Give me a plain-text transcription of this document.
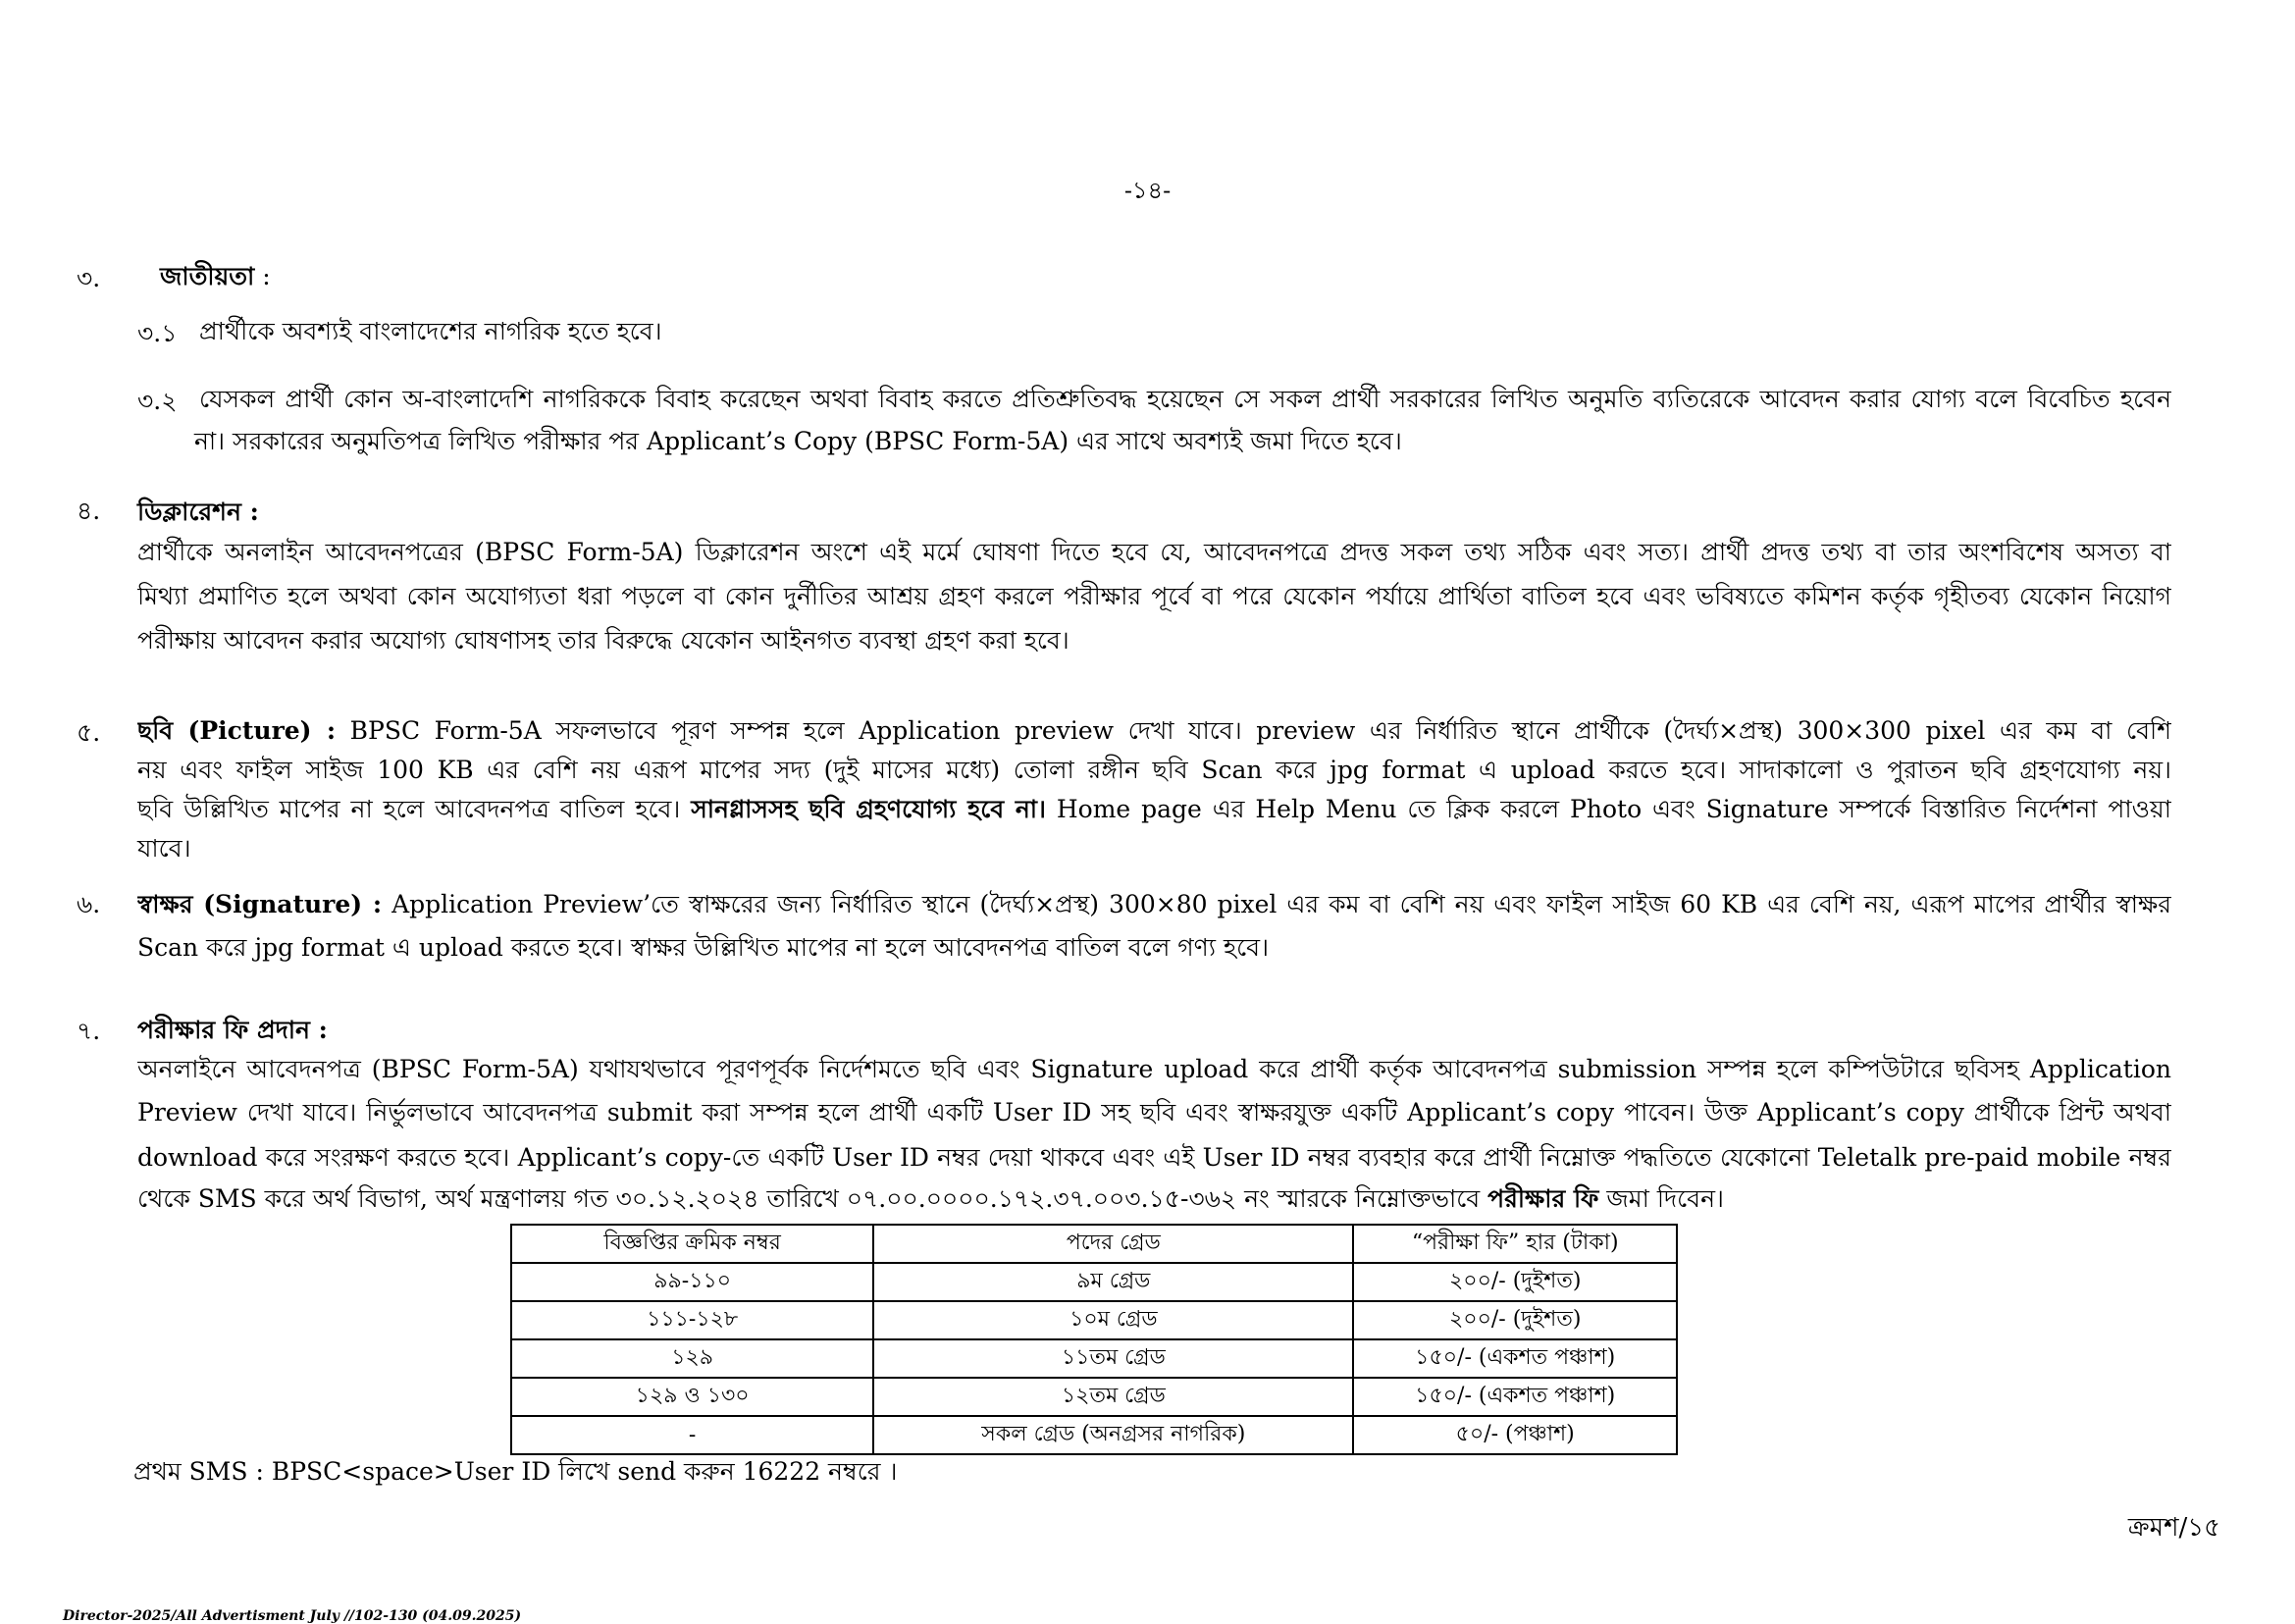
-১৪-
৩. জাতীয়তা :
৩.১ প্রার্থীকে অবশ্যই বাংলাদেশের নাগরিক হতে হবে।
৩.২ যেসকল প্রার্থী কোন অ-বাংলাদেশি নাগরিককে বিবাহ করেছেন অথবা বিবাহ করতে প্রতিশ্রুতিবদ্ধ হয়েছেন সে সকল প্রার্থী সরকারের লিখিত অনুমতি ব্যতিরেকে আবেদন করার যোগ্য বলে বিবেচিত হবেন
না। সরকারের অনুমতিপত্র লিখিত পরীক্ষার পর Applicant’s Copy (BPSC Form-5A) এর সাথে অবশ্যই জমা দিতে হবে।
৪. ডিক্লারেশন :
প্রার্থীকে অনলাইন আবেদনপত্রের (BPSC Form-5A) ডিক্লারেশন অংশে এই মর্মে ঘোষণা দিতে হবে যে, আবেদনপত্রে প্রদত্ত সকল তথ্য সঠিক এবং সত্য। প্রার্থী প্রদত্ত তথ্য বা তার অংশবিশেষ অসত্য বা
মিথ্যা প্রমাণিত হলে অথবা কোন অযোগ্যতা ধরা পড়লে বা কোন দুর্নীতির আশ্রয় গ্রহণ করলে পরীক্ষার পূর্বে বা পরে যেকোন পর্যায়ে প্রার্থিতা বাতিল হবে এবং ভবিষ্যতে কমিশন কর্তৃক গৃহীতব্য যেকোন নিয়োগ
পরীক্ষায় আবেদন করার অযোগ্য ঘোষণাসহ তার বিরুদ্ধে যেকোন আইনগত ব্যবস্থা গ্রহণ করা হবে।
৫. ছবি (Picture) : BPSC Form-5A সফলভাবে পূরণ সম্পন্ন হলে Application preview দেখা যাবে। preview এর নির্ধারিত স্থানে প্রার্থীকে (দৈর্ঘ্য×প্রস্থ) 300×300 pixel এর কম বা বেশি
নয় এবং ফাইল সাইজ 100 KB এর বেশি নয় এরূপ মাপের সদ্য (দুই মাসের মধ্যে) তোলা রঙ্গীন ছবি Scan করে jpg format এ upload করতে হবে। সাদাকালো ও পুরাতন ছবি গ্রহণযোগ্য নয়।
ছবি উল্লিখিত মাপের না হলে আবেদনপত্র বাতিল হবে। সানগ্লাসসহ ছবি গ্রহণযোগ্য হবে না। Home page এর Help Menu তে ক্লিক করলে Photo এবং Signature সম্পর্কে বিস্তারিত নির্দেশনা পাওয়া
যাবে।
৬. স্বাক্ষর (Signature) : Application Preview’তে স্বাক্ষরের জন্য নির্ধারিত স্থানে (দৈর্ঘ্য×প্রস্থ) 300×80 pixel এর কম বা বেশি নয় এবং ফাইল সাইজ 60 KB এর বেশি নয়, এরূপ মাপের প্রার্থীর স্বাক্ষর
Scan করে jpg format এ upload করতে হবে। স্বাক্ষর উল্লিখিত মাপের না হলে আবেদনপত্র বাতিল বলে গণ্য হবে।
৭. পরীক্ষার ফি প্রদান :
অনলাইনে আবেদনপত্র (BPSC Form-5A) যথাযথভাবে পূরণপূর্বক নির্দেশমতে ছবি এবং Signature upload করে প্রার্থী কর্তৃক আবেদনপত্র submission সম্পন্ন হলে কম্পিউটারে ছবিসহ Application
Preview দেখা যাবে। নির্ভুলভাবে আবেদনপত্র submit করা সম্পন্ন হলে প্রার্থী একটি User ID সহ ছবি এবং স্বাক্ষরযুক্ত একটি Applicant’s copy পাবেন। উক্ত Applicant’s copy প্রার্থীকে প্রিন্ট অথবা
download করে সংরক্ষণ করতে হবে। Applicant’s copy-তে একটি User ID নম্বর দেয়া থাকবে এবং এই User ID নম্বর ব্যবহার করে প্রার্থী নিম্নোক্ত পদ্ধতিতে যেকোনো Teletalk pre-paid mobile নম্বর
থেকে SMS করে অর্থ বিভাগ, অর্থ মন্ত্রণালয় গত ৩০.১২.২০২৪ তারিখে ০৭.০০.০০০০.১৭২.৩৭.০০৩.১৫-৩৬২ নং স্মারকে নিম্নোক্তভাবে পরীক্ষার ফি জমা দিবেন।
বিজ্ঞপ্তির ক্রমিক নম্বর	পদের গ্রেড	“পরীক্ষা ফি” হার (টাকা)
৯৯-১১০	৯ম গ্রেড	২০০/- (দুইশত)
১১১-১২৮	১০ম গ্রেড	২০০/- (দুইশত)
১২৯	১১তম গ্রেড	১৫০/- (একশত পঞ্চাশ)
১২৯ ও ১৩০	১২তম গ্রেড	১৫০/- (একশত পঞ্চাশ)
-	সকল গ্রেড (অনগ্রসর নাগরিক)	৫০/- (পঞ্চাশ)
প্রথম SMS : BPSC<space>User ID লিখে send করুন 16222 নম্বরে ।
ক্রমশ/১৫
Director-2025/All Advertisment July //102-130 (04.09.2025)
